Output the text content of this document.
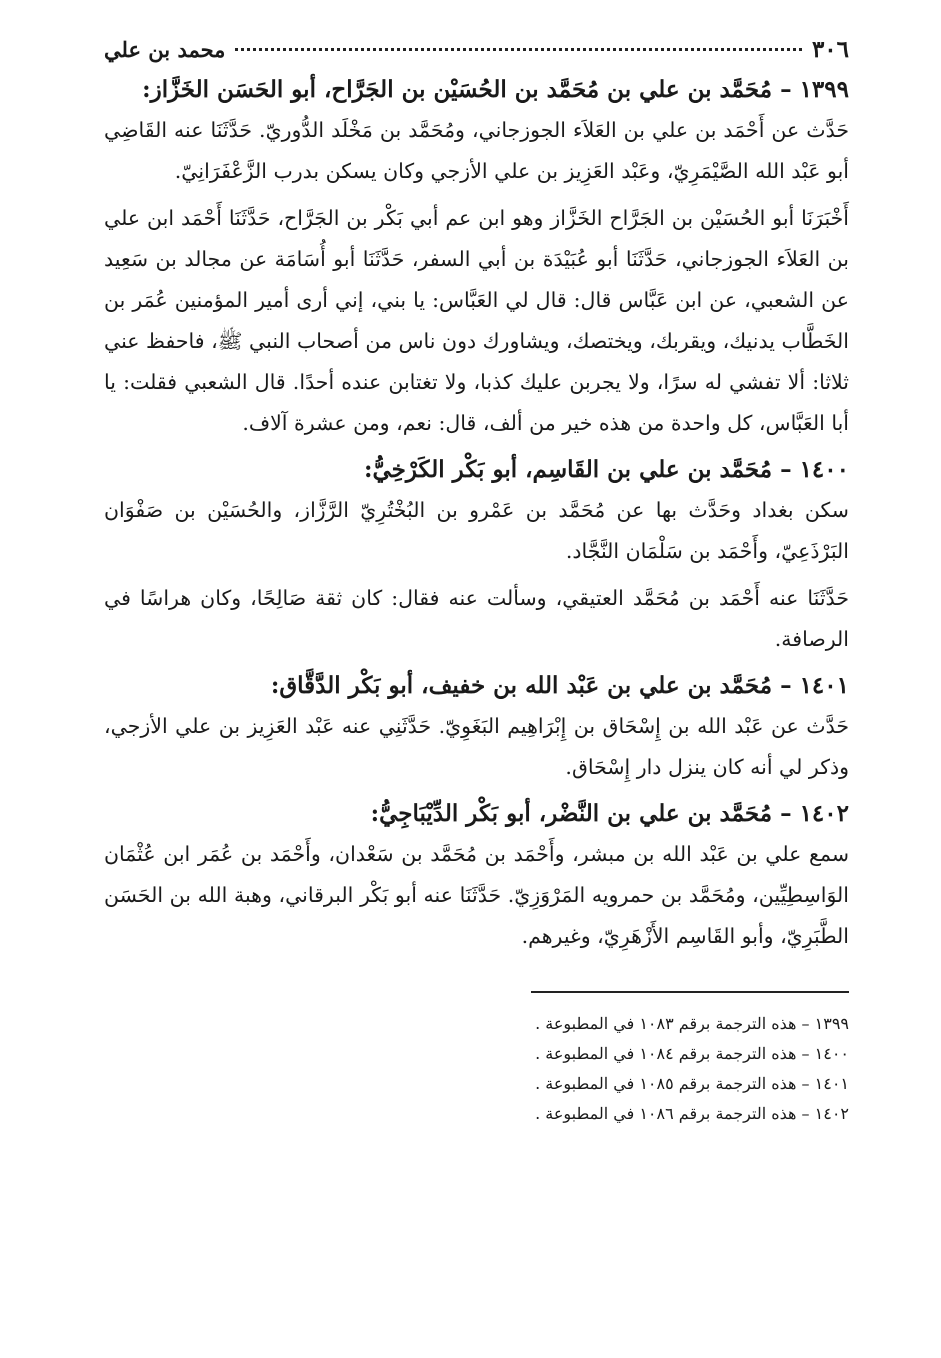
٣٠٦
محمد بن علي

١٣٩٩– مُحَمَّد بن علي بن مُحَمَّد بن الحُسَيْن بن الجَرَّاح، أبو الحَسَن الخَزَّاز:

حَدَّث عن أَحْمَد بن علي بن العَلاَء الجوزجاني، ومُحَمَّد بن مَخْلَد الدُّوريّ. حَدَّثَنَا عنه القَاضِي أبو عَبْد الله الصَّيْمَرِيّ، وعَبْد العَزِيز بن علي الأزجي وكان يسكن بدرب الزَّعْفَرَانِيّ.

أَخْبَرَنَا أبو الحُسَيْن بن الجَرَّاح الخَزَّاز وهو ابن عم أبي بَكْر بن الجَرَّاح، حَدَّثَنَا أَحْمَد ابن علي بن العَلاَء الجوزجاني، حَدَّثَنَا أبو عُبَيْدَة بن أبي السفر، حَدَّثَنَا أبو أُسَامَة عن مجالد بن سَعِيد عن الشعبي، عن ابن عَبَّاس قال: قال لي العَبَّاس: يا بني، إني أرى أمير المؤمنين عُمَر بن الخَطَّاب يدنيك، ويقربك، ويختصك، ويشاورك دون ناس من أصحاب النبي ﷺ، فاحفظ عني ثلاثا: ألا تفشي له سرًا، ولا يجربن عليك كذبا، ولا تغتابن عنده أحدًا. قال الشعبي فقلت: يا أبا العَبَّاس، كل واحدة من هذه خير من ألف، قال: نعم، ومن عشرة آلاف.

١٤٠٠– مُحَمَّد بن علي بن القَاسِم، أبو بَكْر الكَرْخِيُّ:

سكن بغداد وحَدَّث بها عن مُحَمَّد بن عَمْرو بن البُخْتُرِيّ الرَّزَّاز، والحُسَيْن بن صَفْوَان البَرْذَعِيّ، وأَحْمَد بن سَلْمَان النَّجَّاد.

حَدَّثَنَا عنه أَحْمَد بن مُحَمَّد العتيقي، وسألت عنه فقال: كان ثقة صَالِحًا، وكان هراسًا في الرصافة.

١٤٠١– مُحَمَّد بن علي بن عَبْد الله بن خفيف، أبو بَكْر الدَّقَّاق:

حَدَّث عن عَبْد الله بن إِسْحَاق بن إِبْرَاهِيم البَغَوِيّ. حَدَّثَنِي عنه عَبْد العَزِيز بن علي الأزجي، وذكر لي أنه كان ينزل دار إِسْحَاق.

١٤٠٢– مُحَمَّد بن علي بن النَّضْر، أبو بَكْر الدِّيْبَاجِيُّ:

سمع علي بن عَبْد الله بن مبشر، وأَحْمَد بن مُحَمَّد بن سَعْدان، وأَحْمَد بن عُمَر ابن عُثْمَان الوَاسِطِيِّين، ومُحَمَّد بن حمرويه المَرْوَزِيّ. حَدَّثَنَا عنه أبو بَكْر البرقاني، وهبة الله بن الحَسَن الطَّبَرِيّ، وأبو القَاسِم الأَزْهَرِيّ، وغيرهم.

١٣٩٩ – هذه الترجمة برقم ١٠٨٣ في المطبوعة .

١٤٠٠ – هذه الترجمة برقم ١٠٨٤ في المطبوعة .

١٤٠١ – هذه الترجمة برقم ١٠٨٥ في المطبوعة .

١٤٠٢ – هذه الترجمة برقم ١٠٨٦ في المطبوعة .
